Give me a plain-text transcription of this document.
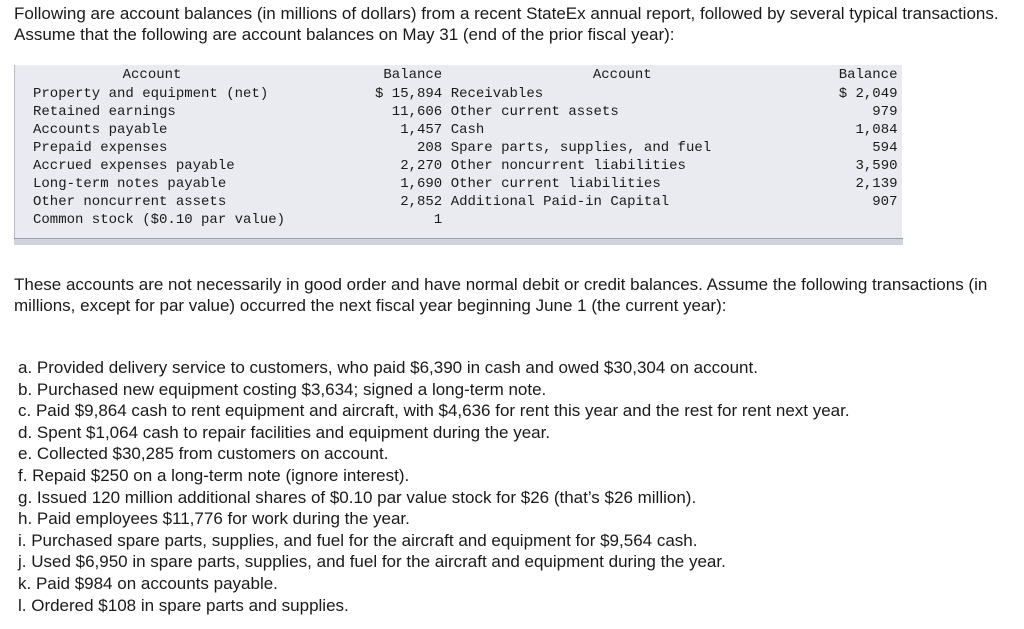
Following are account balances (in millions of dollars) from a recent StateEx annual report, followed by several typical transactions. Assume that the following are account balances on May 31 (end of the prior fiscal year):

Account	Balance	Account	Balance
Property and equipment (net)	$ 15,894	Receivables	$ 2,049
Retained earnings	11,606	Other current assets	979
Accounts payable	1,457	Cash	1,084
Prepaid expenses	208	Spare parts, supplies, and fuel	594
Accrued expenses payable	2,270	Other noncurrent liabilities	3,590
Long-term notes payable	1,690	Other current liabilities	2,139
Other noncurrent assets	2,852	Additional Paid-in Capital	907
Common stock ($0.10 par value)	1		

These accounts are not necessarily in good order and have normal debit or credit balances. Assume the following transactions (in millions, except for par value) occurred the next fiscal year beginning June 1 (the current year):

a. Provided delivery service to customers, who paid $6,390 in cash and owed $30,304 on account.
b. Purchased new equipment costing $3,634; signed a long-term note.
c. Paid $9,864 cash to rent equipment and aircraft, with $4,636 for rent this year and the rest for rent next year.
d. Spent $1,064 cash to repair facilities and equipment during the year.
e. Collected $30,285 from customers on account.
f. Repaid $250 on a long-term note (ignore interest).
g. Issued 120 million additional shares of $0.10 par value stock for $26 (that’s $26 million).
h. Paid employees $11,776 for work during the year.
i. Purchased spare parts, supplies, and fuel for the aircraft and equipment for $9,564 cash.
j. Used $6,950 in spare parts, supplies, and fuel for the aircraft and equipment during the year.
k. Paid $984 on accounts payable.
l. Ordered $108 in spare parts and supplies.
